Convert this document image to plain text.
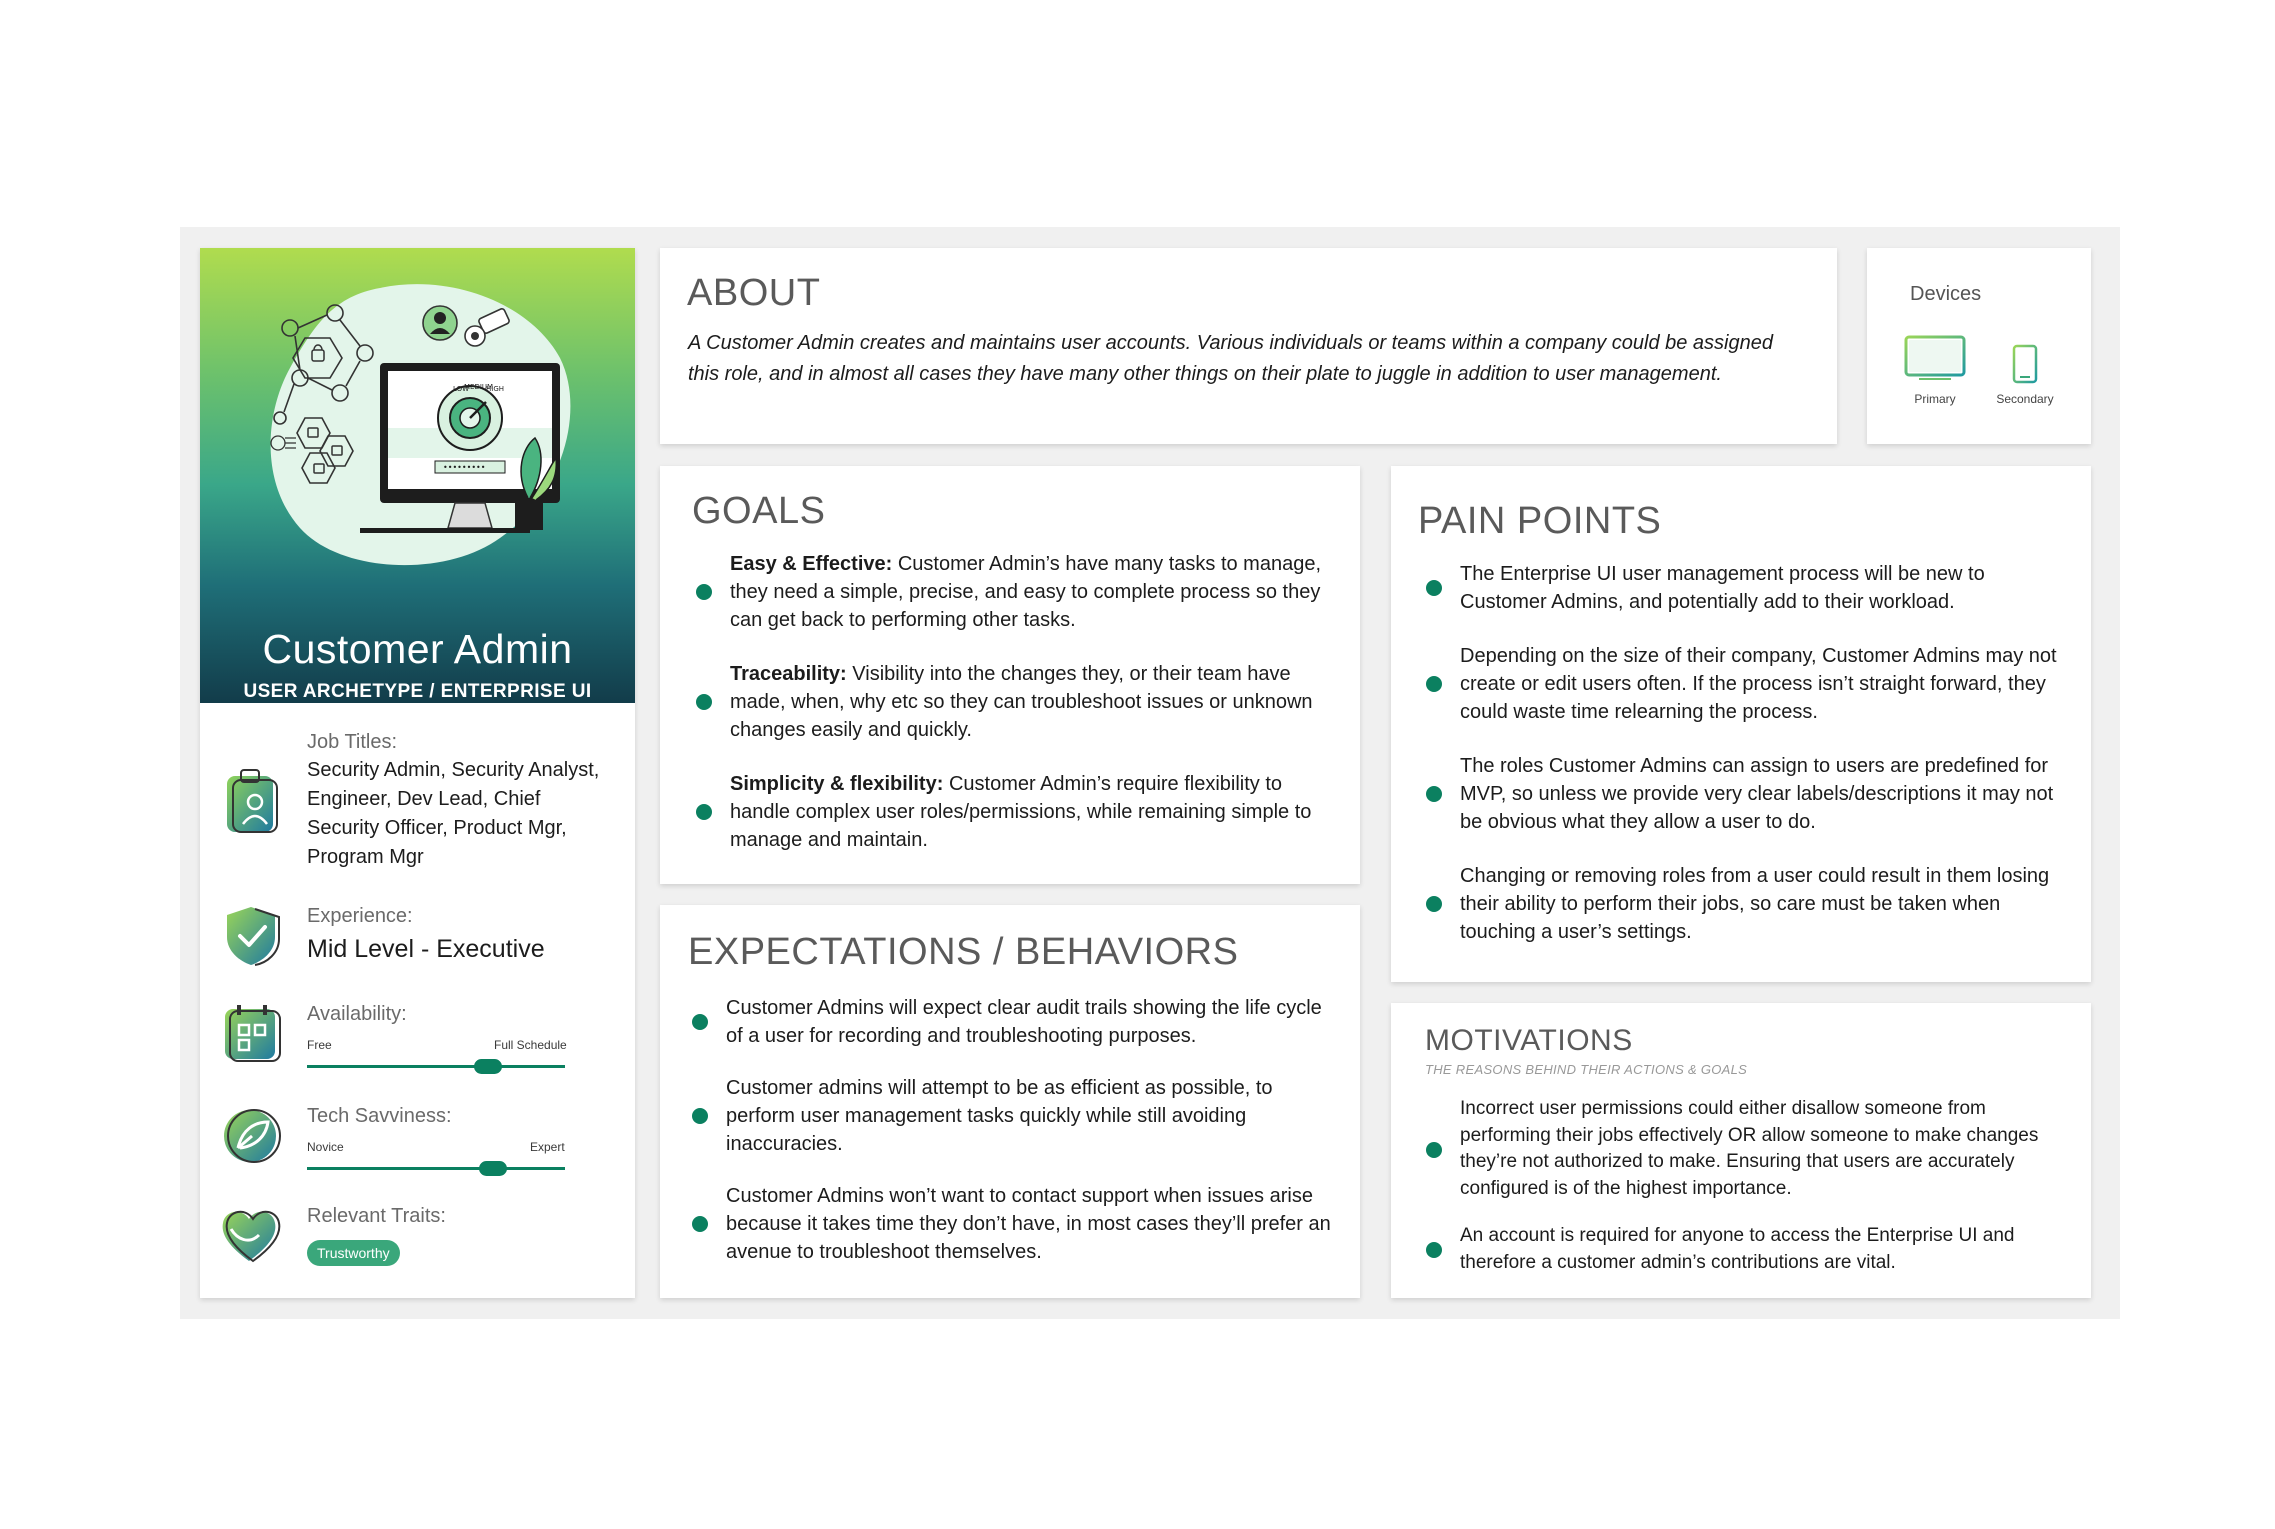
LOW
MEDIUM
HIGH
•••••••••
Customer Admin
USER ARCHETYPE / ENTERPRISE UI
Job Titles:
Security Admin, Security Analyst, Engineer, Dev Lead, Chief Security Officer, Product Mgr, Program Mgr
Experience:
Mid Level - Executive
Availability:
Free	Full Schedule
Tech Savviness:
Novice	Expert
Relevant Traits:
Trustworthy
ABOUT
A Customer Admin creates and maintains user accounts. Various individuals or teams within a company could be assigned this role, and in almost all cases they have many other things on their plate to juggle in addition to user management.
Devices
Primary	Secondary
GOALS
Easy & Effective: Customer Admin’s have many tasks to manage, they need a simple, precise, and easy to complete process so they can get back to performing other tasks.
Traceability: Visibility into the changes they, or their team have made, when, why etc so they can troubleshoot issues or unknown changes easily and quickly.
Simplicity & flexibility: Customer Admin’s require flexibility to handle complex user roles/permissions, while remaining simple to manage and maintain.
EXPECTATIONS / BEHAVIORS
Customer Admins will expect clear audit trails showing the life cycle of a user for recording and troubleshooting purposes.
Customer admins will attempt to be as efficient as possible, to perform user management tasks quickly while still avoiding inaccuracies.
Customer Admins won’t want to contact support when issues arise because it takes time they don’t have, in most cases they’ll prefer an avenue to troubleshoot themselves.
PAIN POINTS
The Enterprise UI user management process will be new to Customer Admins, and potentially add to their workload.
Depending on the size of their company, Customer Admins may not create or edit users often. If the process isn’t straight forward, they could waste time relearning the process.
The roles Customer Admins can assign to users are predefined for MVP, so unless we provide very clear labels/descriptions it may not be obvious what they allow a user to do.
Changing or removing roles from a user could result in them losing their ability to perform their jobs, so care must be taken when touching a user’s settings.
MOTIVATIONS
THE REASONS BEHIND THEIR ACTIONS & GOALS
Incorrect user permissions could either disallow someone from performing their jobs effectively OR allow someone to make changes they’re not authorized to make. Ensuring that users are accurately configured is of the highest importance.
An account is required for anyone to access the Enterprise UI and therefore a customer admin’s contributions are vital.
